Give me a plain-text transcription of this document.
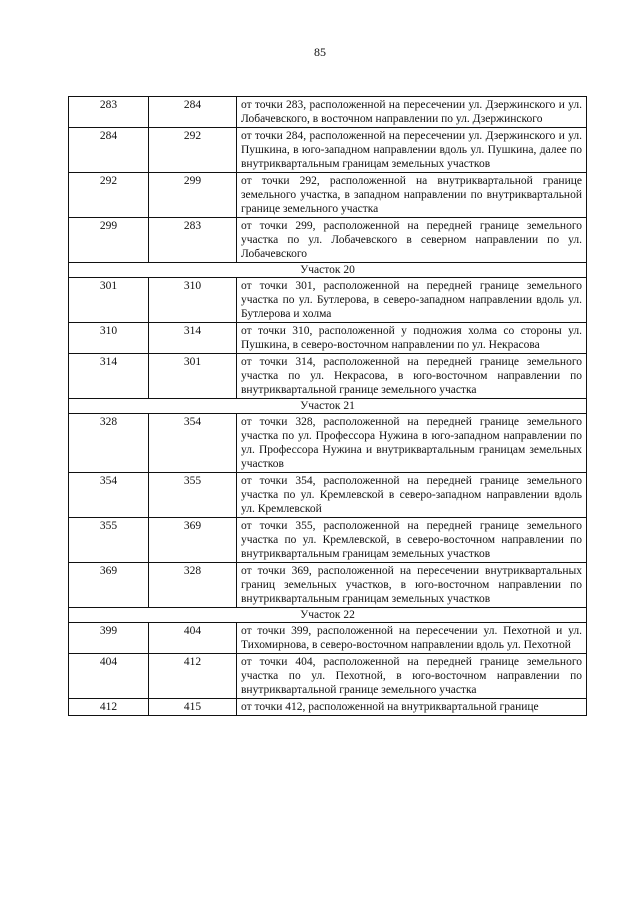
85
283	284	от точки 283, расположенной на пересечении ул. Дзержинского и ул. Лобачевского, в восточном направлении по ул. Дзержинского
284	292	от точки 284, расположенной на пересечении ул. Дзержинского и ул. Пушкина, в юго-западном направлении вдоль ул. Пушкина, далее по внутриквартальным границам земельных участков
292	299	от точки 292, расположенной на внутриквартальной границе земельного участка, в западном направлении по внутриквартальной границе земельного участка
299	283	от точки 299, расположенной на передней границе земельного участка по ул. Лобачевского в северном направлении по ул. Лобачевского
Участок 20		
301	310	от точки 301, расположенной на передней границе земельного участка по ул. Бутлерова, в северо-западном направлении вдоль ул. Бутлерова и холма
310	314	от точки 310, расположенной у подножия холма со стороны ул. Пушкина, в северо-восточном направлении по ул. Некрасова
314	301	от точки 314, расположенной на передней границе земельного участка по ул. Некрасова, в юго-восточном направлении по внутриквартальной границе земельного участка
Участок 21		
328	354	от точки 328, расположенной на передней границе земельного участка по ул. Профессора Нужина в юго-западном направлении по ул. Профессора Нужина и внутриквартальным границам земельных участков
354	355	от точки 354, расположенной на передней границе земельного участка по ул. Кремлевской в северо-западном направлении вдоль ул. Кремлевской
355	369	от точки 355, расположенной на передней границе земельного участка по ул. Кремлевской, в северо-восточном направлении по внутриквартальным границам земельных участков
369	328	от точки 369, расположенной на пересечении внутриквартальных границ земельных участков, в юго-восточном направлении по внутриквартальным границам земельных участков
Участок 22		
399	404	от точки 399, расположенной на пересечении ул. Пехотной и ул. Тихомирнова, в северо-восточном направлении вдоль ул. Пехотной
404	412	от точки 404, расположенной на передней границе земельного участка по ул. Пехотной, в юго-восточном направлении по внутриквартальной границе земельного участка
412	415	от точки 412, расположенной на внутриквартальной границе
